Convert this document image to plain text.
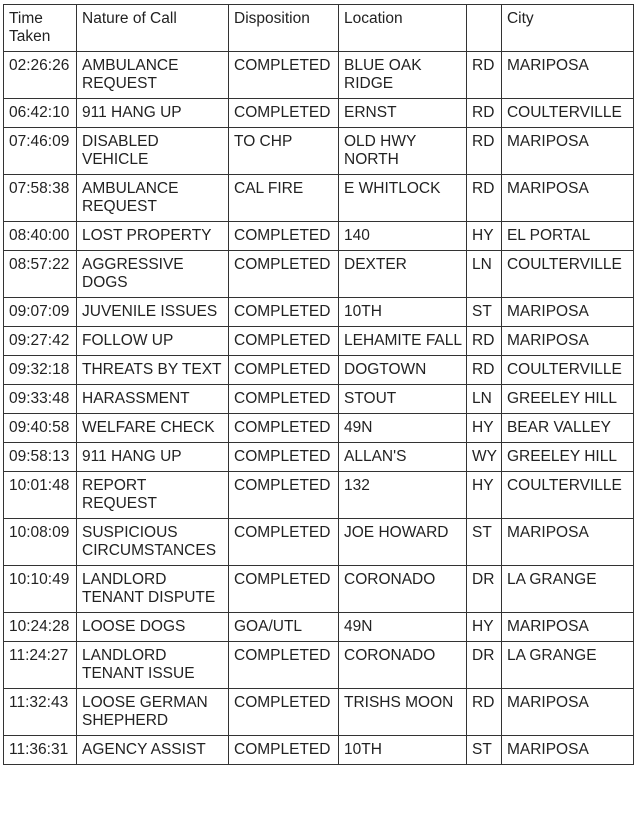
Time Taken	Nature of Call	Disposition	Location		City
02:26:26	AMBULANCE REQUEST	COMPLETED	BLUE OAK RIDGE	RD	MARIPOSA
06:42:10	911 HANG UP	COMPLETED	ERNST	RD	COULTERVILLE
07:46:09	DISABLED VEHICLE	TO CHP	OLD HWY NORTH	RD	MARIPOSA
07:58:38	AMBULANCE REQUEST	CAL FIRE	E WHITLOCK	RD	MARIPOSA
08:40:00	LOST PROPERTY	COMPLETED	140	HY	EL PORTAL
08:57:22	AGGRESSIVE DOGS	COMPLETED	DEXTER	LN	COULTERVILLE
09:07:09	JUVENILE ISSUES	COMPLETED	10TH	ST	MARIPOSA
09:27:42	FOLLOW UP	COMPLETED	LEHAMITE FALL	RD	MARIPOSA
09:32:18	THREATS BY TEXT	COMPLETED	DOGTOWN	RD	COULTERVILLE
09:33:48	HARASSMENT	COMPLETED	STOUT	LN	GREELEY HILL
09:40:58	WELFARE CHECK	COMPLETED	49N	HY	BEAR VALLEY
09:58:13	911 HANG UP	COMPLETED	ALLAN'S	WY	GREELEY HILL
10:01:48	REPORT REQUEST	COMPLETED	132	HY	COULTERVILLE
10:08:09	SUSPICIOUS CIRCUMSTANCES	COMPLETED	JOE HOWARD	ST	MARIPOSA
10:10:49	LANDLORD TENANT DISPUTE	COMPLETED	CORONADO	DR	LA GRANGE
10:24:28	LOOSE DOGS	GOA/UTL	49N	HY	MARIPOSA
11:24:27	LANDLORD TENANT ISSUE	COMPLETED	CORONADO	DR	LA GRANGE
11:32:43	LOOSE GERMAN SHEPHERD	COMPLETED	TRISHS MOON	RD	MARIPOSA
11:36:31	AGENCY ASSIST	COMPLETED	10TH	ST	MARIPOSA
